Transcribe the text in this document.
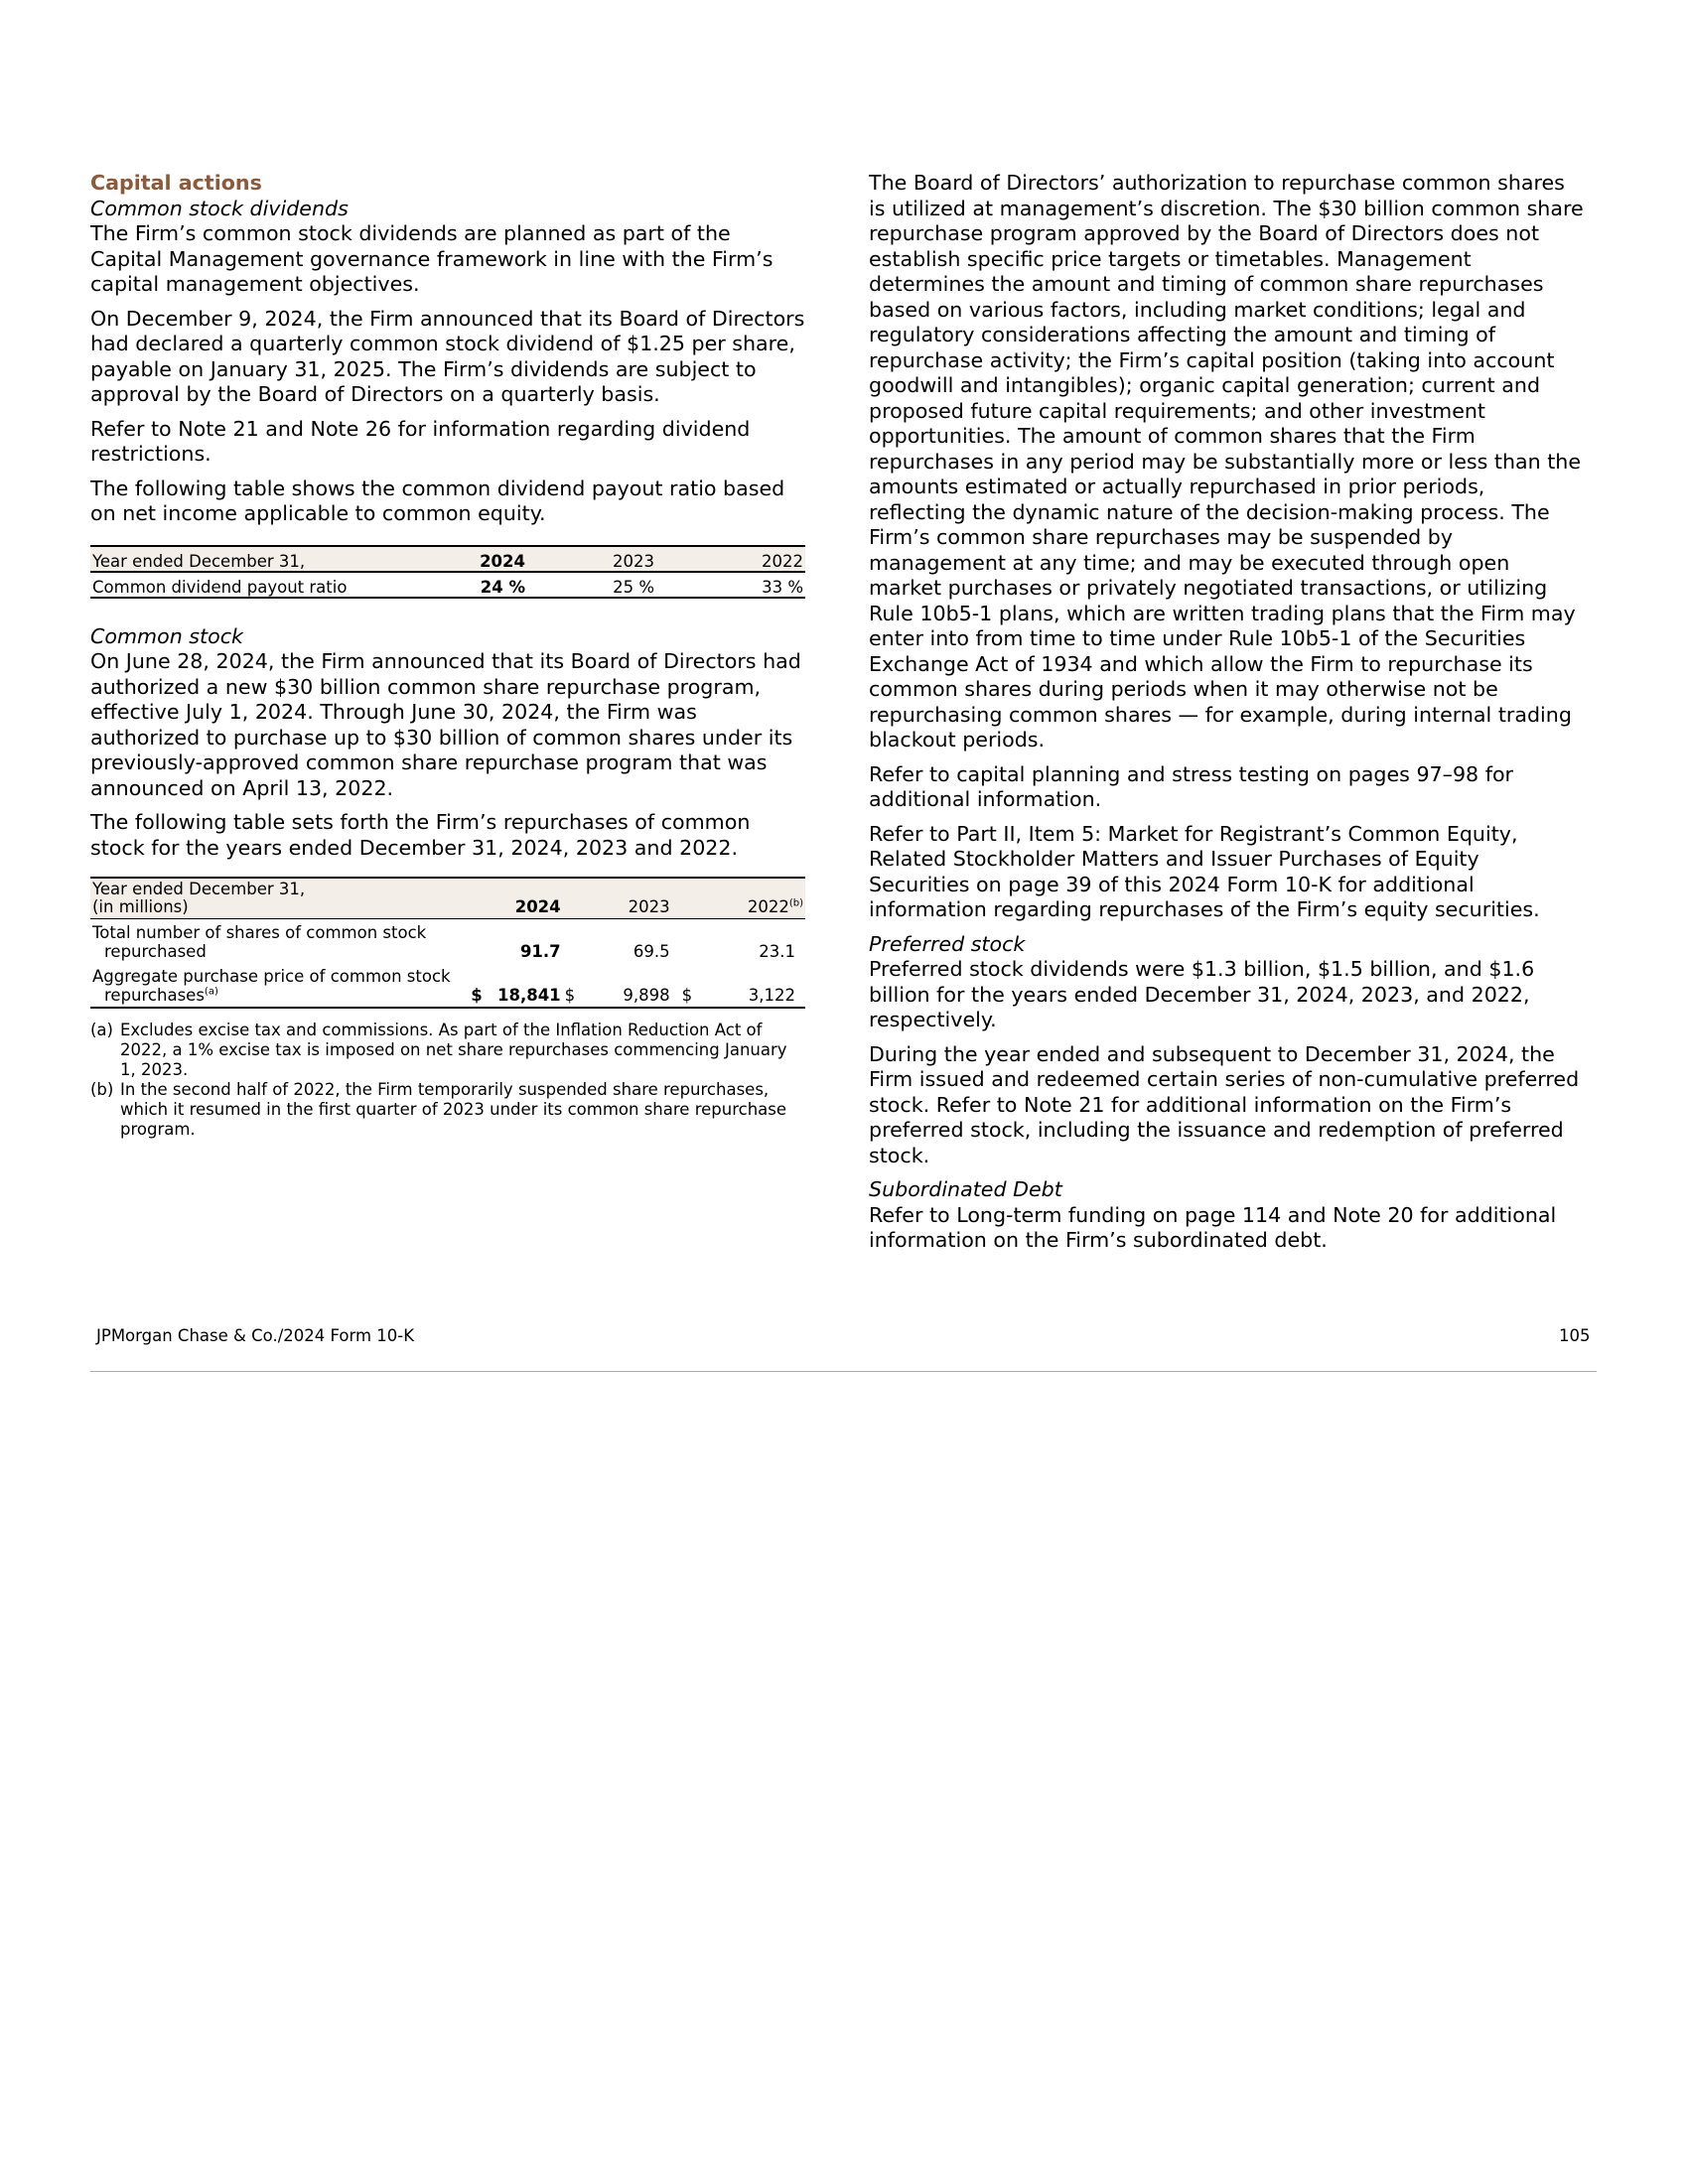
Capital actions
Common stock dividends

The Firm’s common stock dividends are planned as part of the Capital Management governance framework in line with the Firm’s capital management objectives.

On December 9, 2024, the Firm announced that its Board of Directors had declared a quarterly common stock dividend of $1.25 per share, payable on January 31, 2025. The Firm’s dividends are subject to approval by the Board of Directors on a quarterly basis.

Refer to Note 21 and Note 26 for information regarding dividend restrictions.

The following table shows the common dividend payout ratio based on net income applicable to common equity.

Year ended December 31,	2024	2023	2022
Common dividend payout ratio	24 %	25 %	33 %
Common stock

On June 28, 2024, the Firm announced that its Board of Directors had authorized a new $30 billion common share repurchase program, effective July 1, 2024. Through June 30, 2024, the Firm was authorized to purchase up to $30 billion of common shares under its previously-approved common share repurchase program that was announced on April 13, 2022.

The following table sets forth the Firm’s repurchases of common stock for the years ended December 31, 2024, 2023 and 2022.

Year ended December 31,
(in millions)		2024		2023		2022$^{(b)}$

Total number of shares of common stock
repurchased		91.7		69.5		23.1

Aggregate purchase price of common stock
repurchases$^{(a)}$	$	18,841	$	9,898	$	3,122
(a) Excludes excise tax and commissions. As part of the Inflation Reduction Act of 2022, a 1% excise tax is imposed on net share repurchases commencing January 1, 2023.
(b) In the second half of 2022, the Firm temporarily suspended share repurchases, which it resumed in the first quarter of 2023 under its common share repurchase program.

The Board of Directors’ authorization to repurchase common shares is utilized at management’s discretion. The $30 billion common share repurchase program approved by the Board of Directors does not establish specific price targets or timetables. Management determines the amount and timing of common share repurchases based on various factors, including market conditions; legal and regulatory considerations affecting the amount and timing of repurchase activity; the Firm’s capital position (taking into account goodwill and intangibles); organic capital generation; current and proposed future capital requirements; and other investment opportunities. The amount of common shares that the Firm repurchases in any period may be substantially more or less than the amounts estimated or actually repurchased in prior periods, reflecting the dynamic nature of the decision-making process. The Firm’s common share repurchases may be suspended by management at any time; and may be executed through open market purchases or privately negotiated transactions, or utilizing Rule 10b5-1 plans, which are written trading plans that the Firm may enter into from time to time under Rule 10b5-1 of the Securities Exchange Act of 1934 and which allow the Firm to repurchase its common shares during periods when it may otherwise not be repurchasing common shares — for example, during internal trading blackout periods.

Refer to capital planning and stress testing on pages 97–98 for additional information.

Refer to Part II, Item 5: Market for Registrant’s Common Equity, Related Stockholder Matters and Issuer Purchases of Equity Securities on page 39 of this 2024 Form 10-K for additional information regarding repurchases of the Firm’s equity securities.

Preferred stock

Preferred stock dividends were $1.3 billion, $1.5 billion, and $1.6 billion for the years ended December 31, 2024, 2023, and 2022, respectively.

During the year ended and subsequent to December 31, 2024, the Firm issued and redeemed certain series of non-cumulative preferred stock. Refer to Note 21 for additional information on the Firm’s preferred stock, including the issuance and redemption of preferred stock.

Subordinated Debt

Refer to Long-term funding on page 114 and Note 20 for additional information on the Firm’s subordinated debt.

JPMorgan Chase & Co./2024 Form 10-K	105
